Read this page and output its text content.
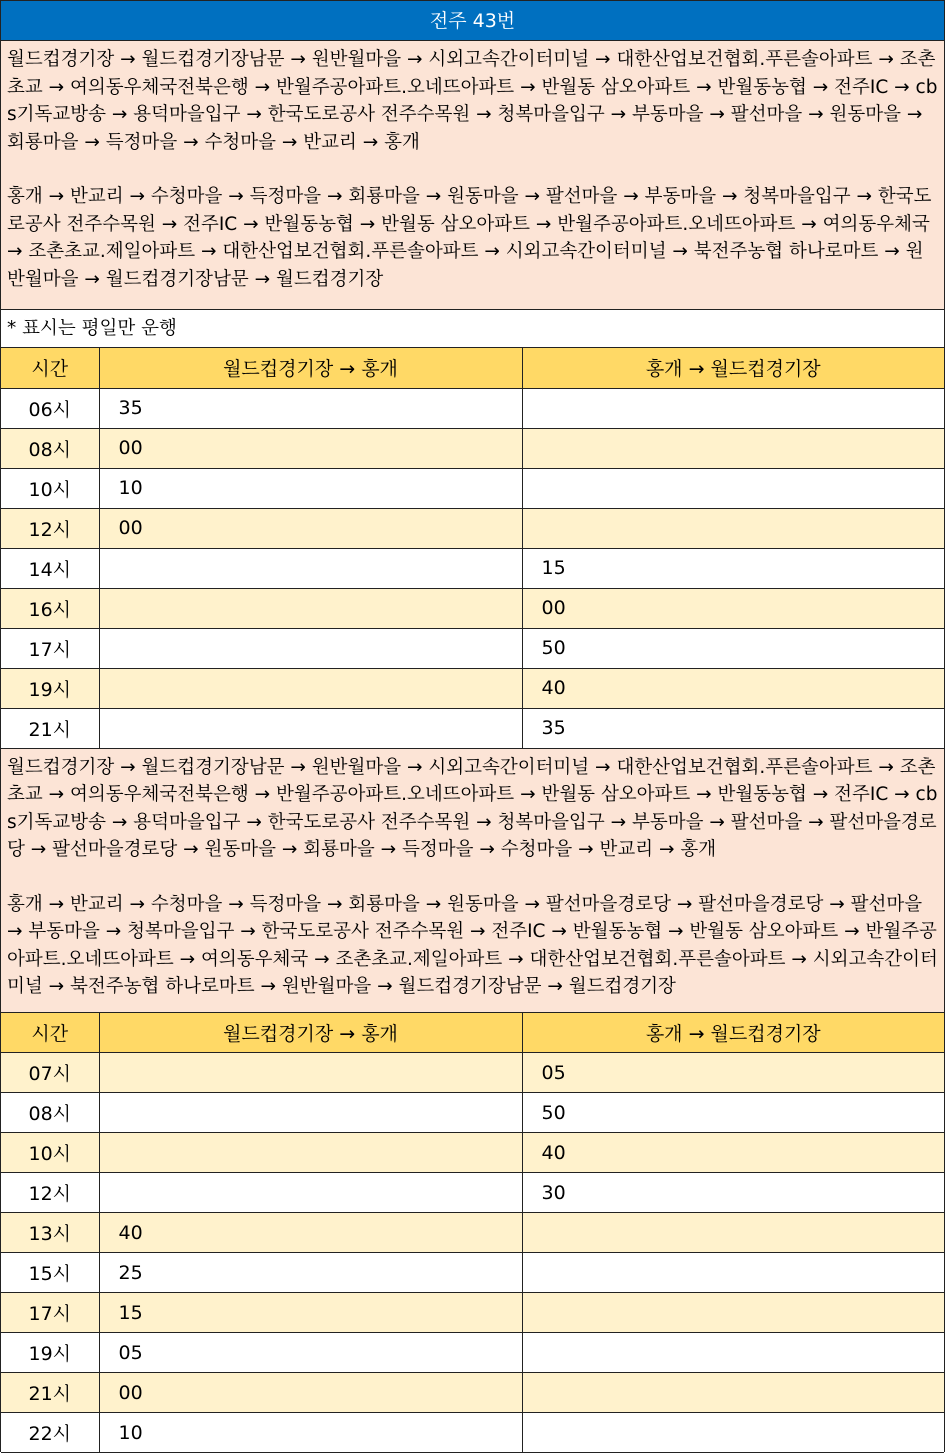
전주 43번

월드컵경기장 → 월드컵경기장남문 → 원반월마을 → 시외고속간이터미널 → 대한산업보건협회.푸른솔아파트 → 조촌초교 → 여의동우체국전북은행 → 반월주공아파트.오네뜨아파트 → 반월동 삼오아파트 → 반월동농협 → 전주IC → cbs기독교방송 → 용덕마을입구 → 한국도로공사 전주수목원 → 청복마을입구 → 부동마을 → 팔선마을 → 원동마을 → 회룡마을 → 득정마을 → 수청마을 → 반교리 → 홍개

홍개 → 반교리 → 수청마을 → 득정마을 → 회룡마을 → 원동마을 → 팔선마을 → 부동마을 → 청복마을입구 → 한국도로공사 전주수목원 → 전주IC → 반월동농협 → 반월동 삼오아파트 → 반월주공아파트.오네뜨아파트 → 여의동우체국 → 조촌초교.제일아파트 → 대한산업보건협회.푸른솔아파트 → 시외고속간이터미널 → 북전주농협 하나로마트 → 원반월마을 → 월드컵경기장남문 → 월드컵경기장

* 표시는 평일만 운행
시간	월드컵경기장 → 홍개	홍개 → 월드컵경기장
06시	35	
08시	00	
10시	10	
12시	00	
14시		15
16시		00
17시		50
19시		40
21시		35

월드컵경기장 → 월드컵경기장남문 → 원반월마을 → 시외고속간이터미널 → 대한산업보건협회.푸른솔아파트 → 조촌초교 → 여의동우체국전북은행 → 반월주공아파트.오네뜨아파트 → 반월동 삼오아파트 → 반월동농협 → 전주IC → cbs기독교방송 → 용덕마을입구 → 한국도로공사 전주수목원 → 청복마을입구 → 부동마을 → 팔선마을 → 팔선마을경로당 → 팔선마을경로당 → 원동마을 → 회룡마을 → 득정마을 → 수청마을 → 반교리 → 홍개

홍개 → 반교리 → 수청마을 → 득정마을 → 회룡마을 → 원동마을 → 팔선마을경로당 → 팔선마을경로당 → 팔선마을 → 부동마을 → 청복마을입구 → 한국도로공사 전주수목원 → 전주IC → 반월동농협 → 반월동 삼오아파트 → 반월주공아파트.오네뜨아파트 → 여의동우체국 → 조촌초교.제일아파트 → 대한산업보건협회.푸른솔아파트 → 시외고속간이터미널 → 북전주농협 하나로마트 → 원반월마을 → 월드컵경기장남문 → 월드컵경기장

시간	월드컵경기장 → 홍개	홍개 → 월드컵경기장
07시		05
08시		50
10시		40
12시		30
13시	40	
15시	25	
17시	15	
19시	05	
21시	00	
22시	10	
